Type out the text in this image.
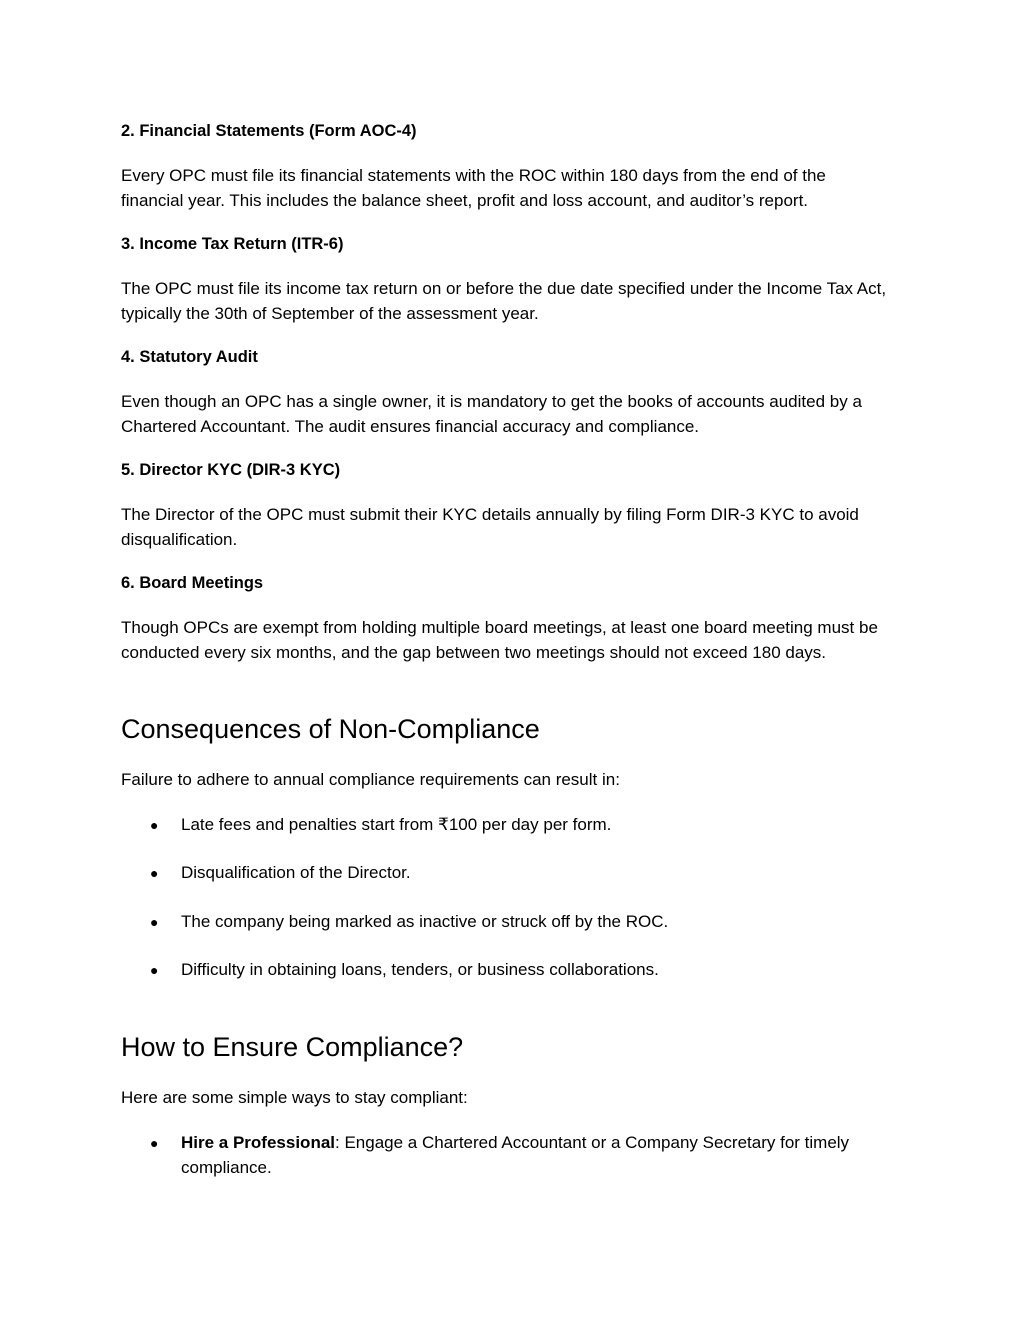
2. Financial Statements (Form AOC-4)

Every OPC must file its financial statements with the ROC within 180 days from the end of the financial year. This includes the balance sheet, profit and loss account, and auditor’s report.

3. Income Tax Return (ITR-6)

The OPC must file its income tax return on or before the due date specified under the Income Tax Act, typically the 30th of September of the assessment year.

4. Statutory Audit

Even though an OPC has a single owner, it is mandatory to get the books of accounts audited by a Chartered Accountant. The audit ensures financial accuracy and compliance.

5. Director KYC (DIR-3 KYC)

The Director of the OPC must submit their KYC details annually by filing Form DIR-3 KYC to avoid disqualification.

6. Board Meetings

Though OPCs are exempt from holding multiple board meetings, at least one board meeting must be conducted every six months, and the gap between two meetings should not exceed 180 days.

Consequences of Non-Compliance

Failure to adhere to annual compliance requirements can result in:

● Late fees and penalties start from ₹100 per day per form.
● Disqualification of the Director.
● The company being marked as inactive or struck off by the ROC.
● Difficulty in obtaining loans, tenders, or business collaborations.
How to Ensure Compliance?

Here are some simple ways to stay compliant:

● Hire a Professional: Engage a Chartered Accountant or a Company Secretary for timely compliance.
